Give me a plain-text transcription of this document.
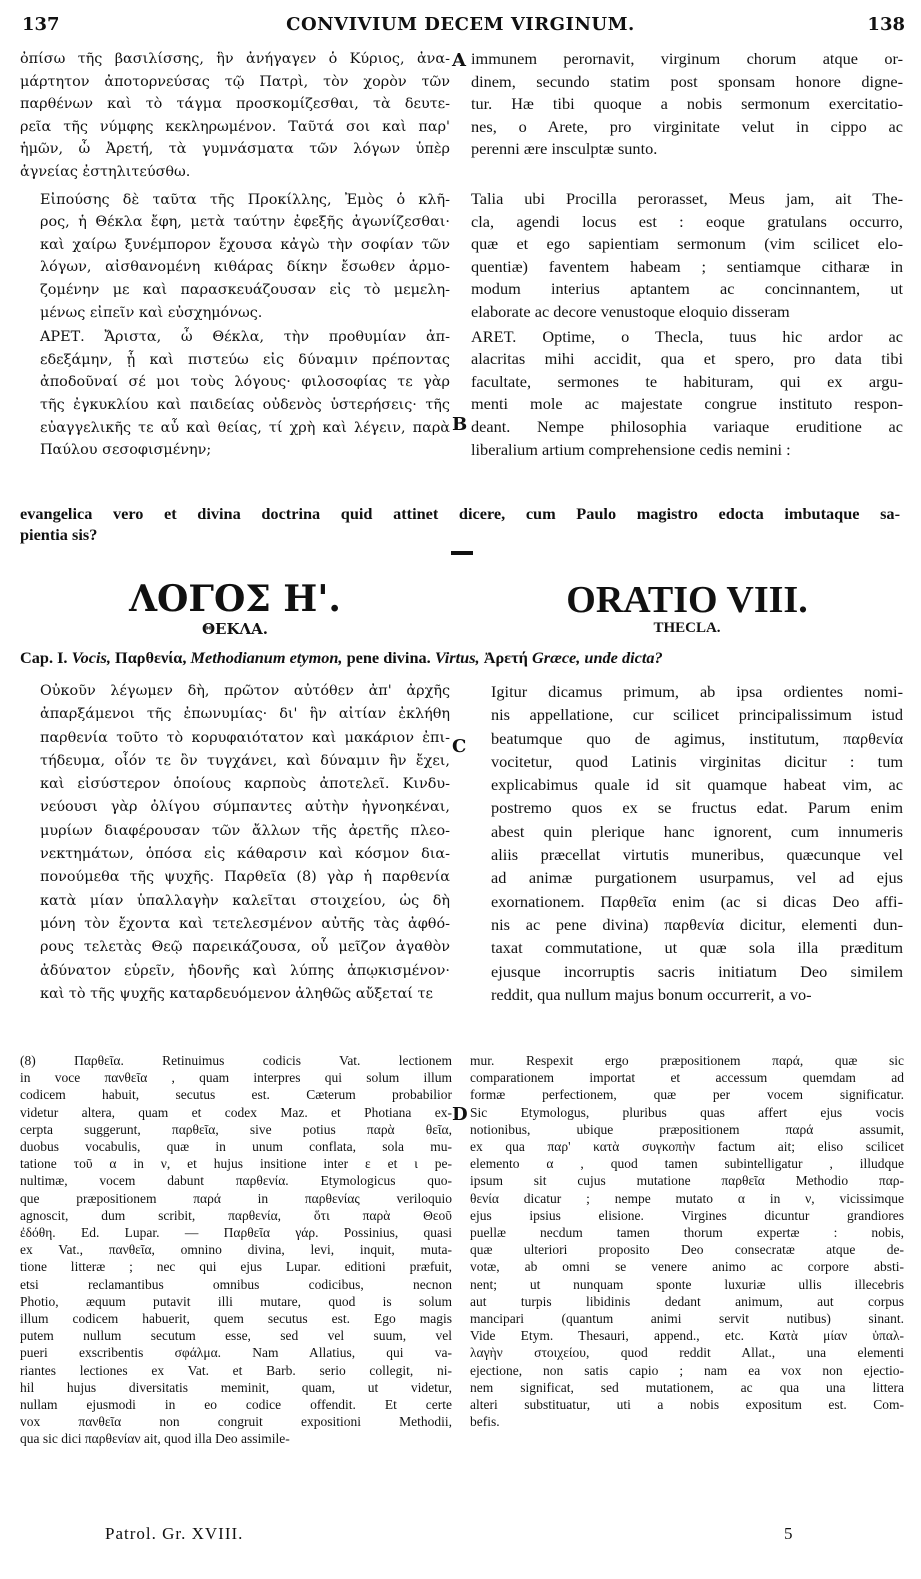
137	CONVIVIUM DECEM VIRGINUM.	138
ὀπίσω τῆς βασιλίσσης, ἣν ἀνήγαγεν ὁ Κύριος, ἀνα-
μάρτητον ἀποτορνεύσας τῷ Πατρὶ, τὸν χορὸν τῶν
παρθένων καὶ τὸ τάγμα προσκομίζεσθαι, τὰ δευτε-
ρεῖα τῆς νύμφης κεκληρωμένον. Ταῦτά σοι καὶ παρ'
ἡμῶν, ὦ Ἀρετή, τὰ γυμνάσματα τῶν λόγων ὑπὲρ
ἁγνείας ἐστηλιτεύσθω.
Εἰπούσης δὲ ταῦτα τῆς Προκίλλης, Ἐμὸς ὁ κλῆ-
ρος, ἡ Θέκλα ἔφη, μετὰ ταύτην ἐφεξῆς ἀγωνίζεσθαι·
καὶ χαίρω ξυνέμπορον ἔχουσα κἀγὼ τὴν σοφίαν τῶν
λόγων, αἰσθανομένη κιθάρας δίκην ἔσωθεν ἁρμο-
ζομένην με καὶ παρασκευάζουσαν εἰς τὸ μεμελη-
μένως εἰπεῖν καὶ εὐσχημόνως.
ΑΡΕΤ. Ἄριστα, ὦ Θέκλα, τὴν προθυμίαν ἀπ-
εδεξάμην, ᾗ καὶ πιστεύω εἰς δύναμιν πρέποντας
ἀποδοῦναί σέ μοι τοὺς λόγους· φιλοσοφίας τε γὰρ
τῆς ἐγκυκλίου καὶ παιδείας οὐδενὸς ὑστερήσεις· τῆς
εὐαγγελικῆς τε αὖ καὶ θείας, τί χρὴ καὶ λέγειν, παρὰ
Παύλου σεσοφισμένην;
immunem perornavit, virginum chorum atque or-
dinem, secundo statim post sponsam honore digne-
tur. Hæ tibi quoque a nobis sermonum exercitatio-
nes, o Arete, pro virginitate velut in cippo ac
perenni ære insculptæ sunto.
Talia ubi Procilla perorasset, Meus jam, ait The-
cla, agendi locus est : eoque gratulans occurro,
quæ et ego sapientiam sermonum (vim scilicet elo-
quentiæ) faventem habeam ; sentiamque citharæ in
modum interius aptantem ac concinnantem, ut
elaborate ac decore venustoque eloquio disseram
ARET. Optime, o Thecla, tuus hic ardor ac
alacritas mihi accidit, qua et spero, pro data tibi
facultate, sermones te habituram, qui ex argu-
menti mole ac majestate congrue instituto respon-
deant. Nempe philosophia variaque eruditione ac
liberalium artium comprehensione cedis nemini :
A
B
evangelica vero et divina doctrina quid attinet dicere, cum Paulo magistro edocta imbutaque sa-
pientia sis?
ΛΟΓΟΣ Η'.	ORATIO VIII.
ΘΕΚΛΑ.	THECLA.
Cap. I. Vocis, Παρθενία, Methodianum etymon, pene divina. Virtus, Ἀρετή Græce, unde dicta?
Οὐκοῦν λέγωμεν δὴ, πρῶτον αὐτόθεν ἀπ' ἀρχῆς
ἀπαρξάμενοι τῆς ἐπωνυμίας· δι' ἣν αἰτίαν ἐκλήθη
παρθενία τοῦτο τὸ κορυφαιότατον καὶ μακάριον ἐπι-
τήδευμα, οἷόν τε ὂν τυγχάνει, καὶ δύναμιν ἣν ἔχει,
καὶ εἰσύστερον ὁποίους καρποὺς ἀποτελεῖ. Κινδυ-
νεύουσι γὰρ ὀλίγου σύμπαντες αὐτὴν ἠγνοηκέναι,
μυρίων διαφέρουσαν τῶν ἄλλων τῆς ἀρετῆς πλεο-
νεκτημάτων, ὁπόσα εἰς κάθαρσιν καὶ κόσμον δια-
πονούμεθα τῆς ψυχῆς. Παρθεῖα (8) γὰρ ἡ παρθενία
κατὰ μίαν ὑπαλλαγὴν καλεῖται στοιχείου, ὡς δὴ
μόνη τὸν ἔχοντα καὶ τετελεσμένον αὐτῆς τὰς ἀφθό-
ρους τελετὰς Θεῷ παρεικάζουσα, οὗ μεῖζον ἀγαθὸν
ἀδύνατον εὑρεῖν, ἡδονῆς καὶ λύπης ἀπῳκισμένον·
καὶ τὸ τῆς ψυχῆς καταρδευόμενον ἀληθῶς αὔξεταί τε
Igitur dicamus primum, ab ipsa ordientes nomi-
nis appellatione, cur scilicet principalissimum istud
beatumque quo de agimus, institutum, παρθενία
vocitetur, quod Latinis virginitas dicitur : tum
explicabimus quale id sit quamque habeat vim, ac
postremo quos ex se fructus edat. Parum enim
abest quin plerique hanc ignorent, cum innumeris
aliis præcellat virtutis muneribus, quæcunque vel
ad animæ purgationem usurpamus, vel ad ejus
exornationem. Παρθεῖα enim (ac si dicas Deo affi-
nis ac pene divina) παρθενία dicitur, elementi dun-
taxat commutatione, ut quæ sola illa præditum
ejusque incorruptis sacris initiatum Deo similem
reddit, qua nullum majus bonum occurrerit, a vo-
C
D
(8) Παρθεῖα. Retinuimus codicis Vat. lectionem
in voce πανθεῖα , quam interpres qui solum illum
codicem habuit, secutus est. Cæterum probabilior
videtur altera, quam et codex Maz. et Photiana ex-
cerpta suggerunt, παρθεῖα, sive potius παρὰ θεῖα,
duobus vocabulis, quæ in unum conflata, sola mu-
tatione τοῦ α in ν, et hujus insitione inter ε et ι pe-
nultimæ, vocem dabunt παρθενία. Etymologicus quo-
que præpositionem παρά in παρθενίας veriloquio
agnoscit, dum scribit, παρθενία, ὅτι παρὰ Θεοῦ
ἐδόθη. Ed. Lupar. — Παρθεῖα γάρ. Possinius, quasi
ex Vat., πανθεῖα, omnino divina, levi, inquit, muta-
tione litteræ ; nec qui ejus Lupar. editioni præfuit,
etsi reclamantibus omnibus codicibus, necnon
Photio, æquum putavit illi mutare, quod is solum
illum codicem habuerit, quem secutus est. Ego magis
putem nullum secutum esse, sed vel suum, vel
pueri exscribentis σφάλμα. Nam Allatius, qui va-
riantes lectiones ex Vat. et Barb. serio collegit, ni-
hil hujus diversitatis meminit, quam, ut videtur,
nullam ejusmodi in eo codice offendit. Et certe
vox πανθεῖα non congruit expositioni Methodii,
qua sic dici παρθενίαν ait, quod illa Deo assimile-
mur. Respexit ergo præpositionem παρά, quæ sic
comparationem importat et accessum quemdam ad
formæ perfectionem, quæ per vocem significatur.
Sic Etymologus, pluribus quas affert ejus vocis
notionibus, ubique præpositionem παρά assumit,
ex qua παρ' κατὰ συγκοπὴν factum ait; eliso scilicet
elemento α , quod tamen subintelligatur , illudque
ipsum sit cujus mutatione παρθεῖα Methodio παρ-
θενία dicatur ; nempe mutato α in ν, vicissimque
ejus ipsius elisione. Virgines dicuntur grandiores
puellæ necdum tamen thorum expertæ : nobis,
quæ ulteriori proposito Deo consecratæ atque de-
votæ, ab omni se venere animo ac corpore absti-
nent; ut nunquam sponte luxuriæ ullis illecebris
aut turpis libidinis dedant animum, aut corpus
mancipari (quantum animi servit nutibus) sinant.
Vide Etym. Thesauri, append., etc. Κατὰ μίαν ὑπαλ-
λαγὴν στοιχείου, quod reddit Allat., una elementi
ejectione, non satis capio ; nam ea vox non ejectio-
nem significat, sed mutationem, ac qua una littera
alteri substituatur, uti a nobis expositum est. Com-
befis.
Patrol. Gr. XVIII.	5
